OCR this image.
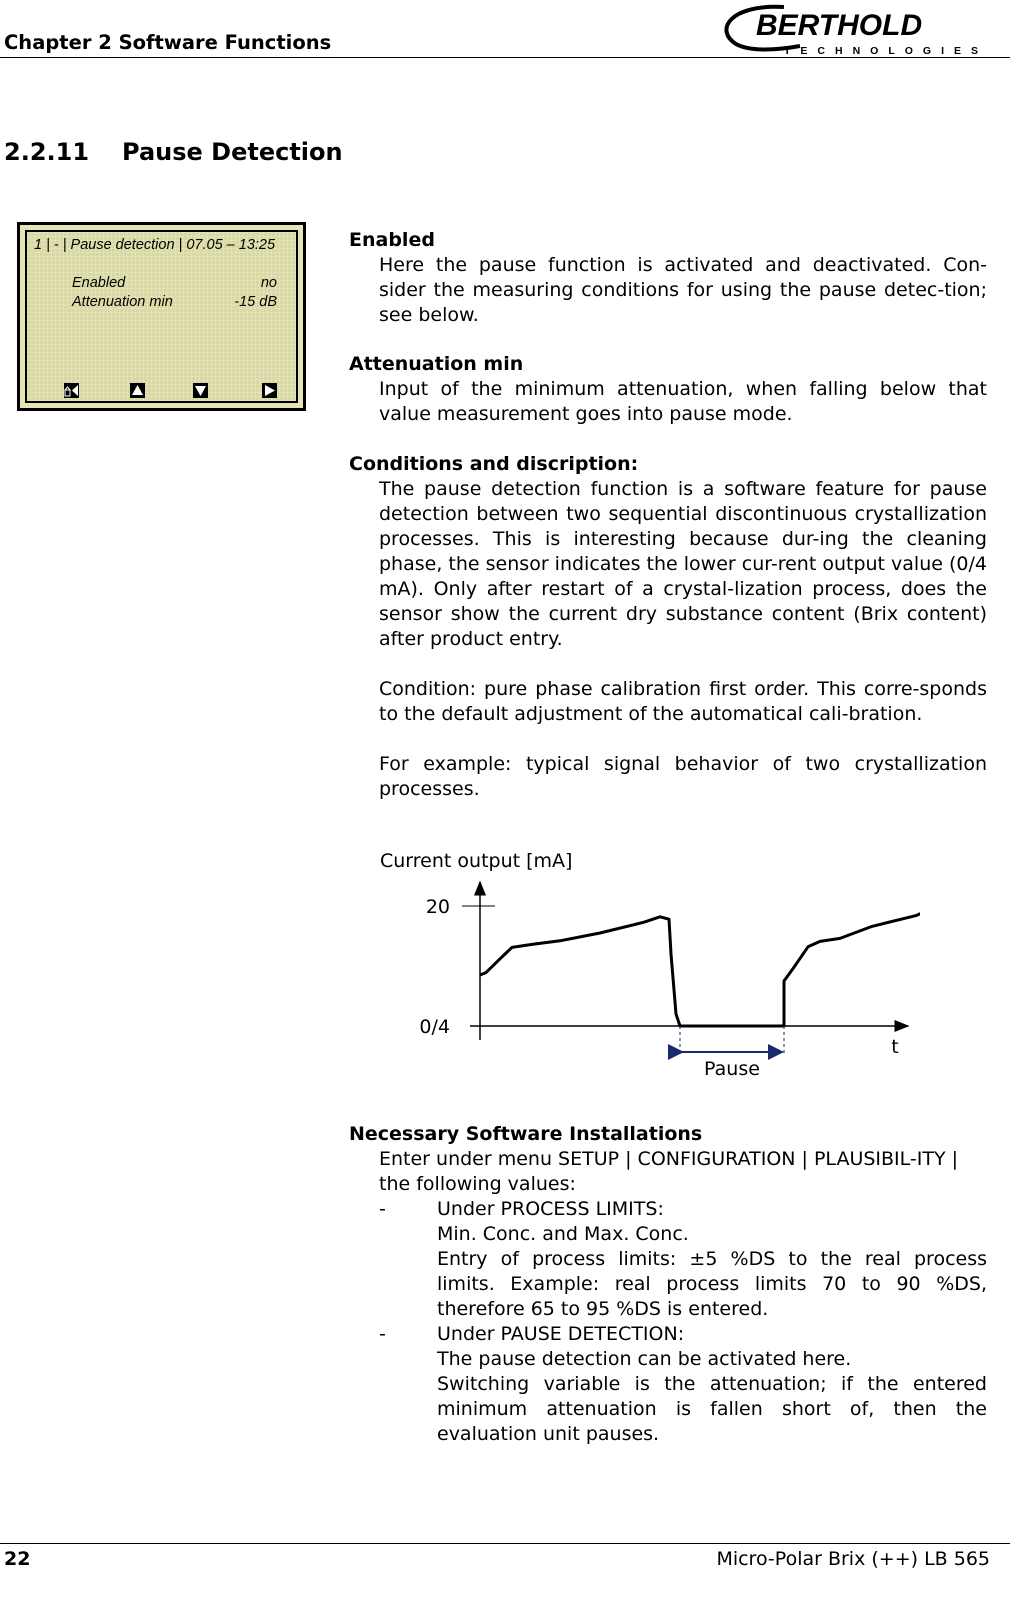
Chapter 2 Software Functions
BERTHOLD
TECHNOLOGIES
2.2.11 Pause Detection
1 | - | Pause detection | 07.05 – 13:25
Enabled	no
Attenuation min	-15 dB
Enabled
Here the pause function is activated and deactivated. Con-sider the measuring conditions for using the pause detec-tion; see below.
Attenuation min
Input of the minimum attenuation, when falling below that value measurement goes into pause mode.
Conditions and discription:
The pause detection function is a software feature for pause detection between two sequential discontinuous crystallization processes. This is interesting because dur-ing the cleaning phase, the sensor indicates the lower cur-rent output value (0/4 mA). Only after restart of a crystal-lization process, does the sensor show the current dry substance content (Brix content) after product entry.
Condition: pure phase calibration first order. This corre-sponds to the default adjustment of the automatical cali-bration.
For example: typical signal behavior of two crystallization processes.
Current output [mA]
20
0/4
t
Pause
Necessary Software Installations
Enter under menu SETUP | CONFIGURATION | PLAUSIBIL-ITY | the following values:
-	Under PROCESS LIMITS:
Min. Conc. and Max. Conc.
Entry of process limits: ±5 %DS to the real process limits. Example: real process limits 70 to 90 %DS, therefore 65 to 95 %DS is entered.
-	Under PAUSE DETECTION:
The pause detection can be activated here.
Switching variable is the attenuation; if the entered minimum attenuation is fallen short of, then the evaluation unit pauses.
22	Micro-Polar Brix (++) LB 565
